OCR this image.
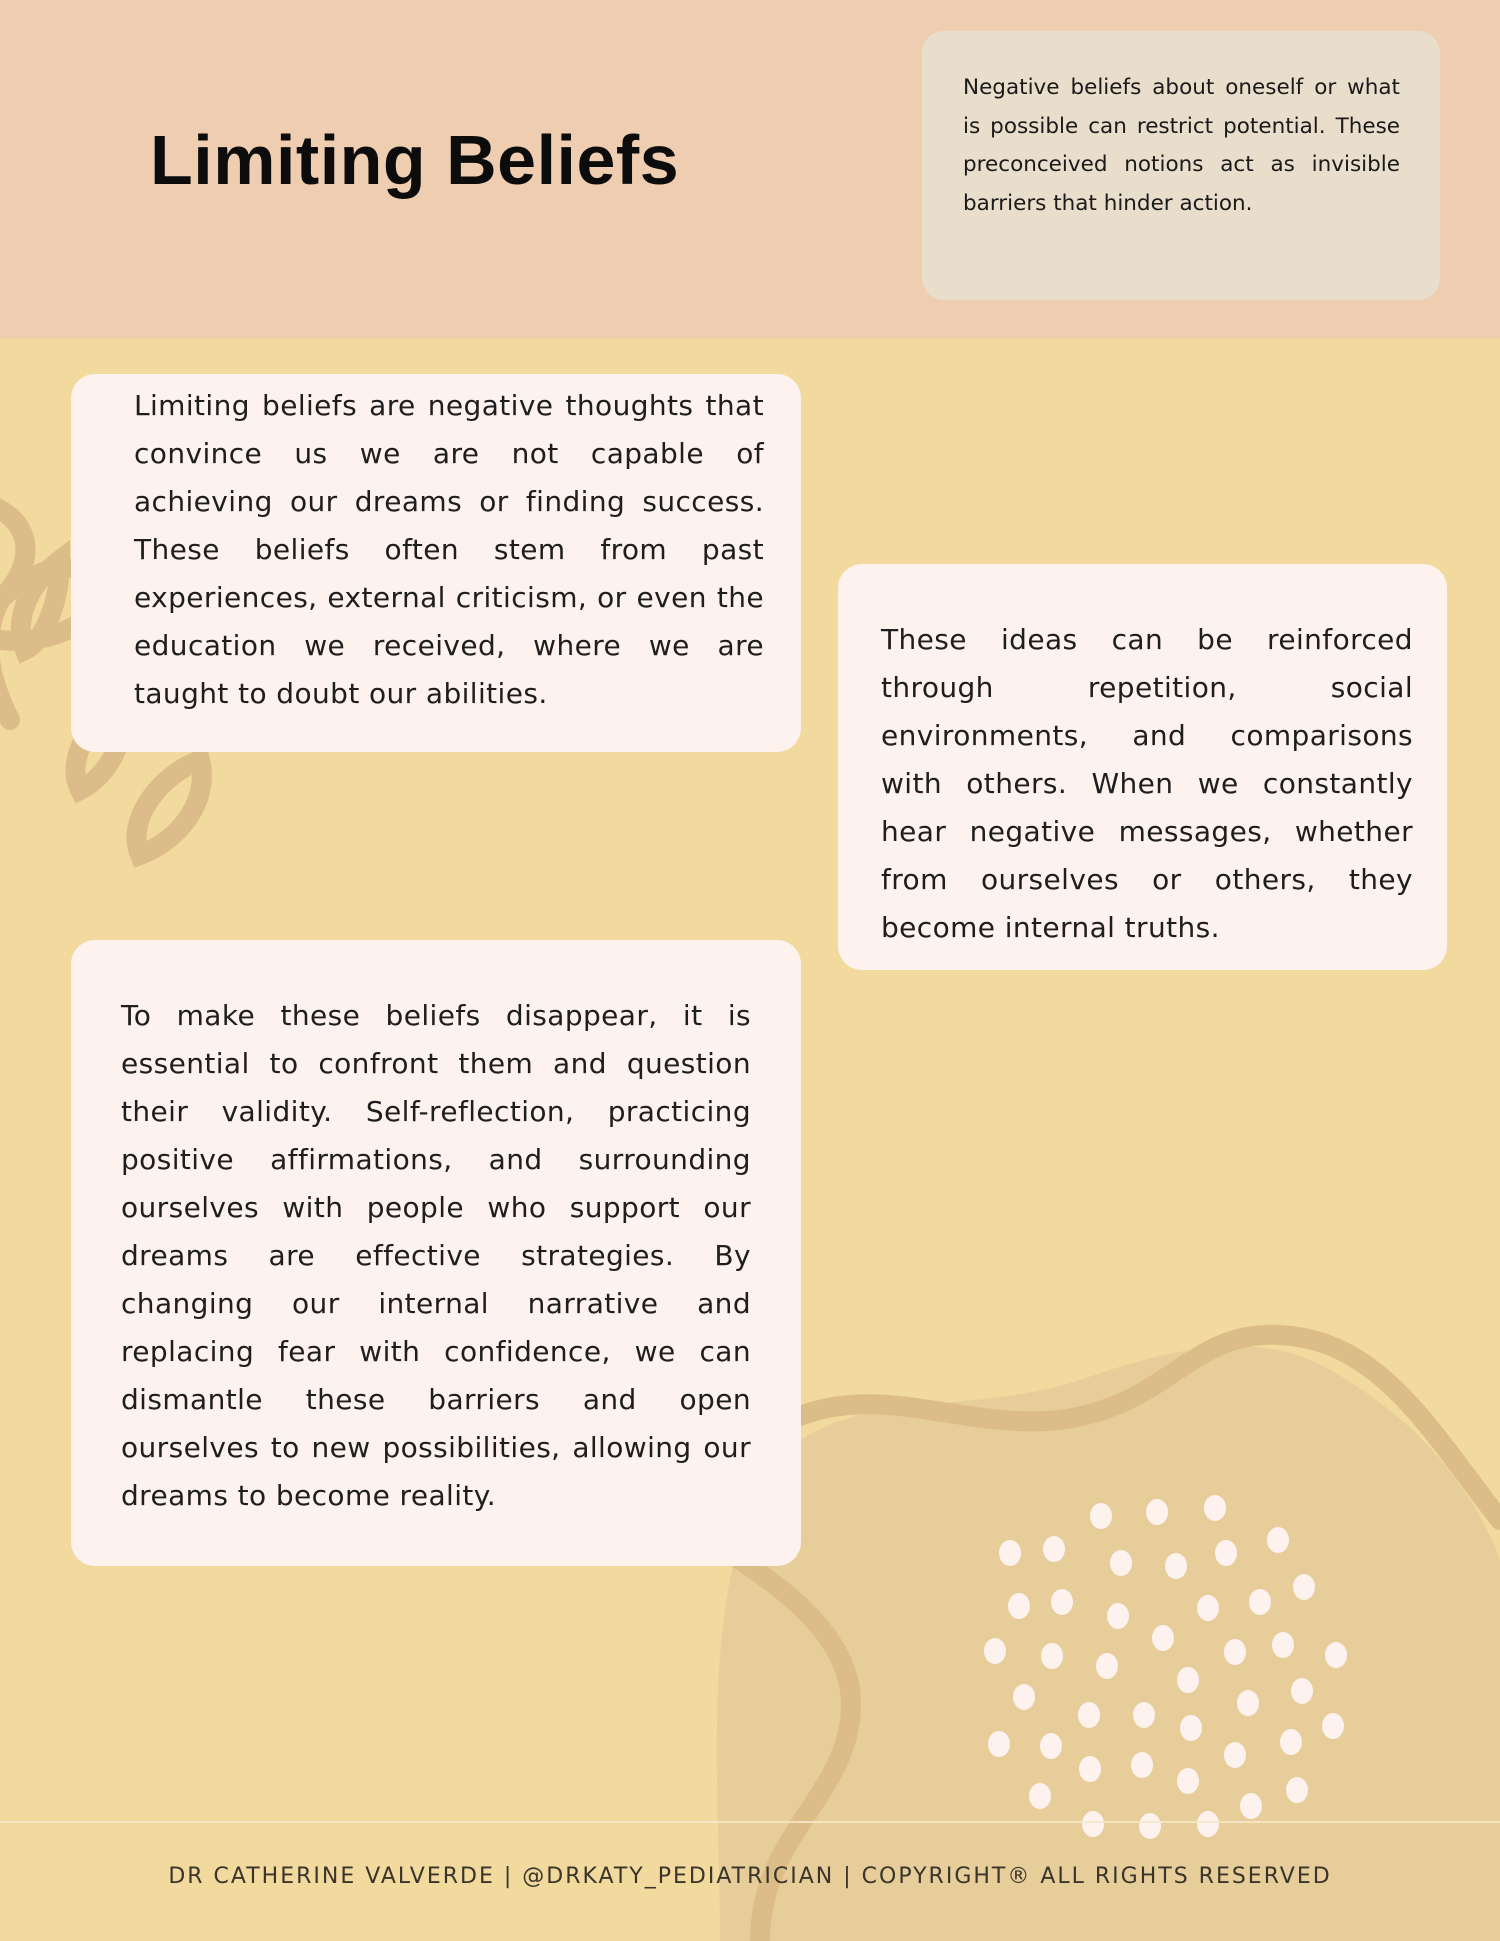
Limiting Beliefs

Negative beliefs about oneself or what is possible can restrict potential. These preconceived notions act as invisible barriers that hinder action.

Limiting beliefs are negative thoughts that convince us we are not capable of achieving our dreams or finding success. These beliefs often stem from past experiences, external criticism, or even the education we received, where we are taught to doubt our abilities.

These ideas can be reinforced through repetition, social environments, and comparisons with others. When we constantly hear negative messages, whether from ourselves or others, they become internal truths.

To make these beliefs disappear, it is essential to confront them and question their validity. Self-reflection, practicing positive affirmations, and surrounding ourselves with people who support our dreams are effective strategies. By changing our internal narrative and replacing fear with confidence, we can dismantle these barriers and open ourselves to new possibilities, allowing our dreams to become reality.

DR CATHERINE VALVERDE | @DRKATY_PEDIATRICIAN | COPYRIGHT® ALL RIGHTS RESERVED
